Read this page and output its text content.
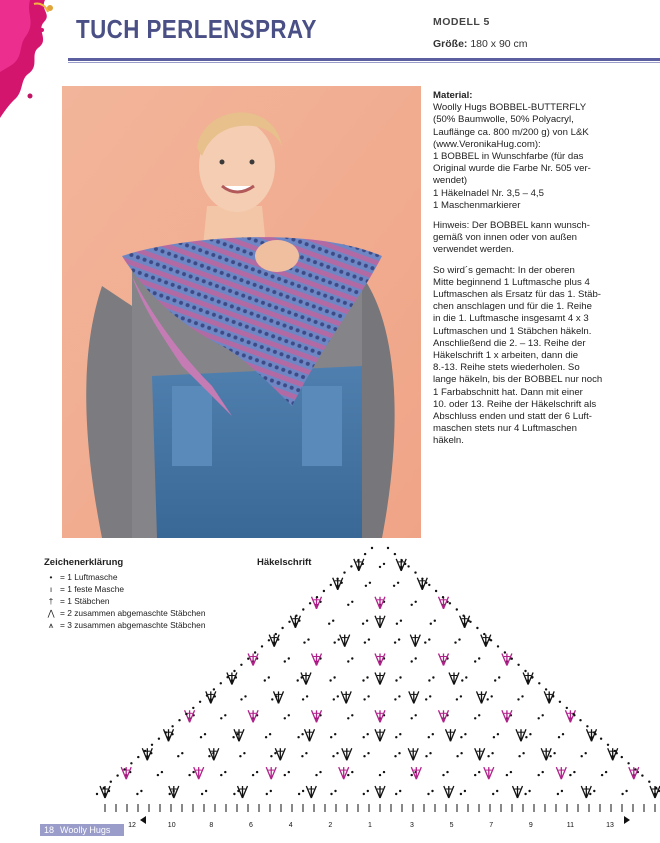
TUCH PERLENSPRAY	MODELL 5
Größe: 180 x 90 cm

Material:
Woolly Hugs BOBBEL-BUTTERFLY
(50% Baumwolle, 50% Polyacryl,
Lauflänge ca. 800 m/200 g) von L&K
(www.VeronikaHug.com):
1 BOBBEL in Wunschfarbe (für das
Original wurde die Farbe Nr. 505 ver-
wendet)
1 Häkelnadel Nr. 3,5 – 4,5
1 Maschenmarkierer

Hinweis: Der BOBBEL kann wunsch-
gemäß von innen oder von außen
verwendet werden.

So wird´s gemacht: In der oberen
Mitte beginnend 1 Luftmasche plus 4
Luftmaschen als Ersatz für das 1. Stäb-
chen anschlagen und für die 1. Reihe
in die 1. Luftmasche insgesamt 4 x 3
Luftmaschen und 1 Stäbchen häkeln.
Anschließend die 2. – 13. Reihe der
Häkelschrift 1 x arbeiten, dann die
8.-13. Reihe stets wiederholen. So
lange häkeln, bis der BOBBEL nur noch
1 Farbabschnitt hat. Dann mit einer
10. oder 13. Reihe der Häkelschrift als
Abschluss enden und statt der 6 Luft-
maschen stets nur 4 Luftmaschen
häkeln.

12	10	8	6	4	2	1	3	5	7	9	11	13
Zeichenerklärung
• = 1 Luftmasche
ı = 1 feste Masche
† = 1 Stäbchen
⋀ = 2 zusammen abgemaschte Stäbchen
⩚ = 3 zusammen abgemaschte Stäbchen
Häkelschrift
18 Woolly Hugs
